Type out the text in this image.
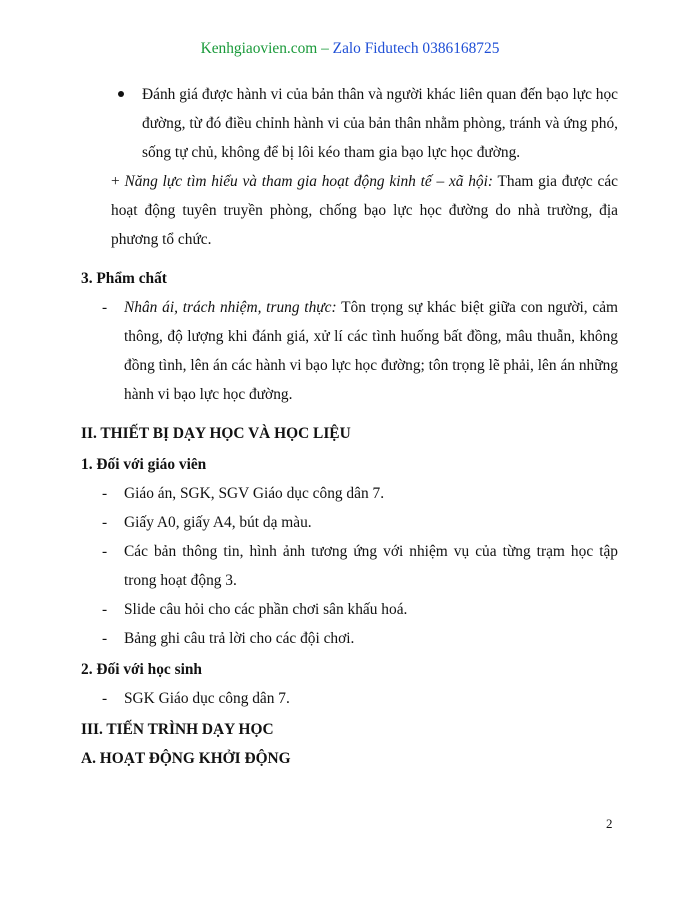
Kenhgiaovien.com – Zalo Fidutech 0386168725
Đánh giá được hành vi của bản thân và người khác liên quan đến bạo lực học đường, từ đó điều chỉnh hành vi của bản thân nhằm phòng, tránh và ứng phó, sống tự chủ, không để bị lôi kéo tham gia bạo lực học đường.
+ Năng lực tìm hiểu và tham gia hoạt động kinh tế – xã hội: Tham gia được các hoạt động tuyên truyền phòng, chống bạo lực học đường do nhà trường, địa phương tổ chức.
3. Phẩm chất
- Nhân ái, trách nhiệm, trung thực: Tôn trọng sự khác biệt giữa con người, cảm thông, độ lượng khi đánh giá, xử lí các tình huống bất đồng, mâu thuẫn, không đồng tình, lên án các hành vi bạo lực học đường; tôn trọng lẽ phải, lên án những hành vi bạo lực học đường.
II. THIẾT BỊ DẠY HỌC VÀ HỌC LIỆU
1. Đối với giáo viên
- Giáo án, SGK, SGV Giáo dục công dân 7.
- Giấy A0, giấy A4, bút dạ màu.
- Các bản thông tin, hình ảnh tương ứng với nhiệm vụ của từng trạm học tập trong hoạt động 3.
- Slide câu hỏi cho các phần chơi sân khấu hoá.
- Bảng ghi câu trả lời cho các đội chơi.
2. Đối với học sinh
- SGK Giáo dục công dân 7.
III. TIẾN TRÌNH DẠY HỌC
A. HOẠT ĐỘNG KHỞI ĐỘNG
2
